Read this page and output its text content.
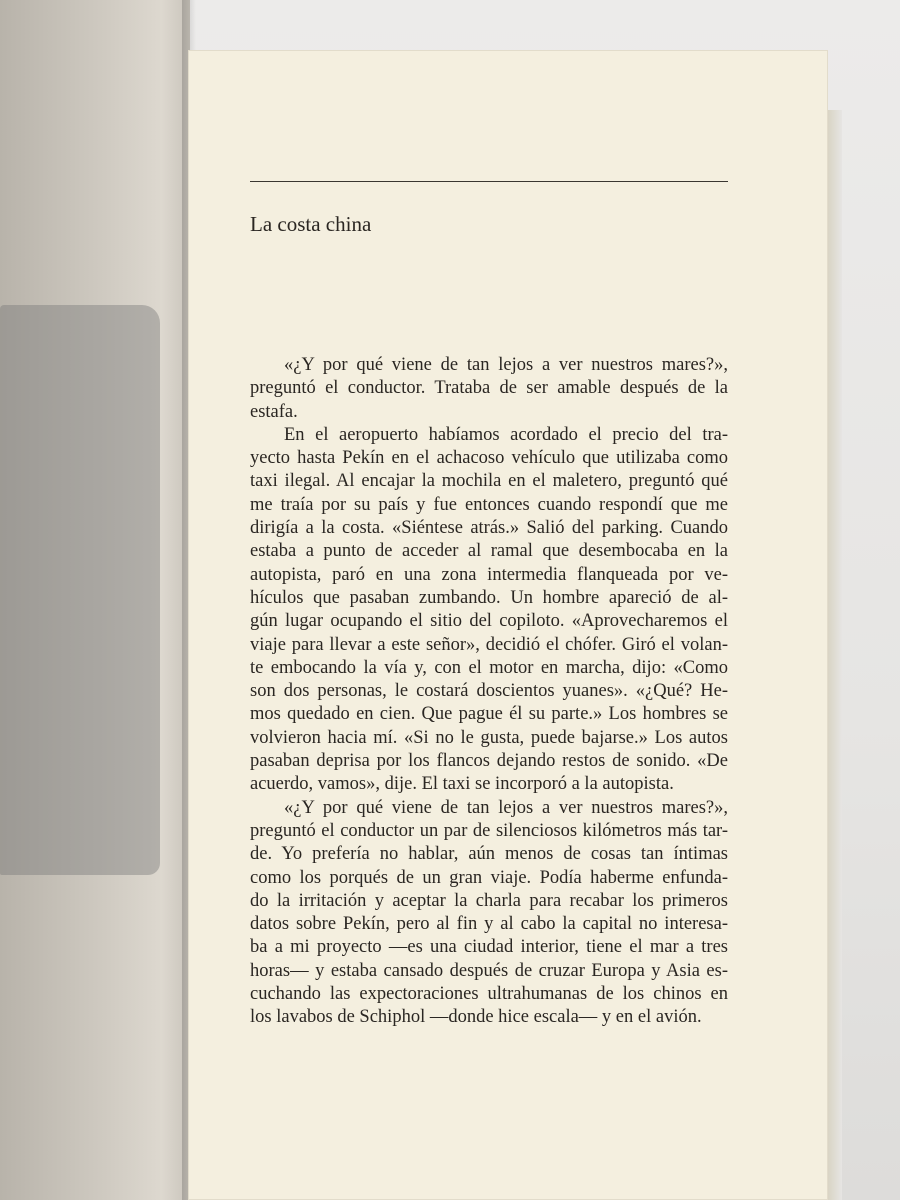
La costa china
«¿Y por qué viene de tan lejos a ver nuestros mares?»,
preguntó el conductor. Trataba de ser amable después de la
estafa.
En el aeropuerto habíamos acordado el precio del tra-
yecto hasta Pekín en el achacoso vehículo que utilizaba como
taxi ilegal. Al encajar la mochila en el maletero, preguntó qué
me traía por su país y fue entonces cuando respondí que me
dirigía a la costa. «Siéntese atrás.» Salió del parking. Cuando
estaba a punto de acceder al ramal que desembocaba en la
autopista, paró en una zona intermedia flanqueada por ve-
hículos que pasaban zumbando. Un hombre apareció de al-
gún lugar ocupando el sitio del copiloto. «Aprovecharemos el
viaje para llevar a este señor», decidió el chófer. Giró el volan-
te embocando la vía y, con el motor en marcha, dijo: «Como
son dos personas, le costará doscientos yuanes». «¿Qué? He-
mos quedado en cien. Que pague él su parte.» Los hombres se
volvieron hacia mí. «Si no le gusta, puede bajarse.» Los autos
pasaban deprisa por los flancos dejando restos de sonido. «De
acuerdo, vamos», dije. El taxi se incorporó a la autopista.
«¿Y por qué viene de tan lejos a ver nuestros mares?»,
preguntó el conductor un par de silenciosos kilómetros más tar-
de. Yo prefería no hablar, aún menos de cosas tan íntimas
como los porqués de un gran viaje. Podía haberme enfunda-
do la irritación y aceptar la charla para recabar los primeros
datos sobre Pekín, pero al fin y al cabo la capital no interesa-
ba a mi proyecto —es una ciudad interior, tiene el mar a tres
horas— y estaba cansado después de cruzar Europa y Asia es-
cuchando las expectoraciones ultrahumanas de los chinos en
los lavabos de Schiphol —donde hice escala— y en el avión.
